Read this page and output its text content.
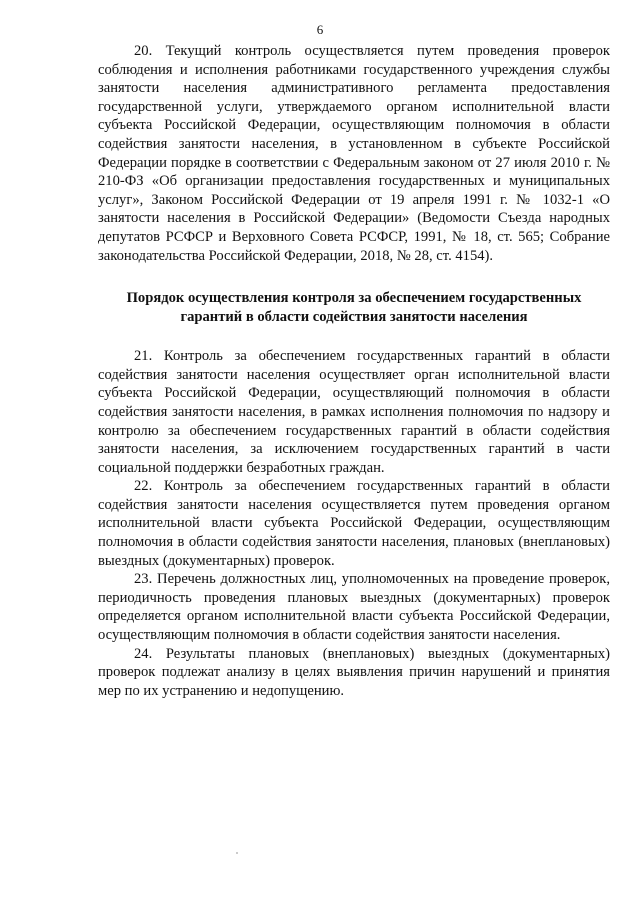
6

20. Текущий контроль осуществляется путем проведения проверок соблюдения и исполнения работниками государственного учреждения службы занятости населения административного регламента предоставления государственной услуги, утверждаемого органом исполнительной власти субъекта Российской Федерации, осуществляющим полномочия в области содействия занятости населения, в установленном в субъекте Российской Федерации порядке в соответствии с Федеральным законом от 27 июля 2010 г. № 210-ФЗ «Об организации предоставления государственных и муниципальных услуг», Законом Российской Федерации от 19 апреля 1991 г. № 1032-1 «О занятости населения в Российской Федерации» (Ведомости Съезда народных депутатов РСФСР и Верховного Совета РСФСР, 1991, № 18, ст. 565; Собрание законодательства Российской Федерации, 2018, № 28, ст. 4154).

Порядок осуществления контроля за обеспечением государственных
гарантий в области содействия занятости населения

21. Контроль за обеспечением государственных гарантий в области содействия занятости населения осуществляет орган исполнительной власти субъекта Российской Федерации, осуществляющий полномочия в области содействия занятости населения, в рамках исполнения полномочия по надзору и контролю за обеспечением государственных гарантий в области содействия занятости населения, за исключением государственных гарантий в части социальной поддержки безработных граждан.

22. Контроль за обеспечением государственных гарантий в области содействия занятости населения осуществляется путем проведения органом исполнительной власти субъекта Российской Федерации, осуществляющим полномочия в области содействия занятости населения, плановых (внеплановых) выездных (документарных) проверок.

23. Перечень должностных лиц, уполномоченных на проведение проверок, периодичность проведения плановых выездных (документарных) проверок определяется органом исполнительной власти субъекта Российской Федерации, осуществляющим полномочия в области содействия занятости населения.

24. Результаты плановых (внеплановых) выездных (документарных) проверок подлежат анализу в целях выявления причин нарушений и принятия мер по их устранению и недопущению.
